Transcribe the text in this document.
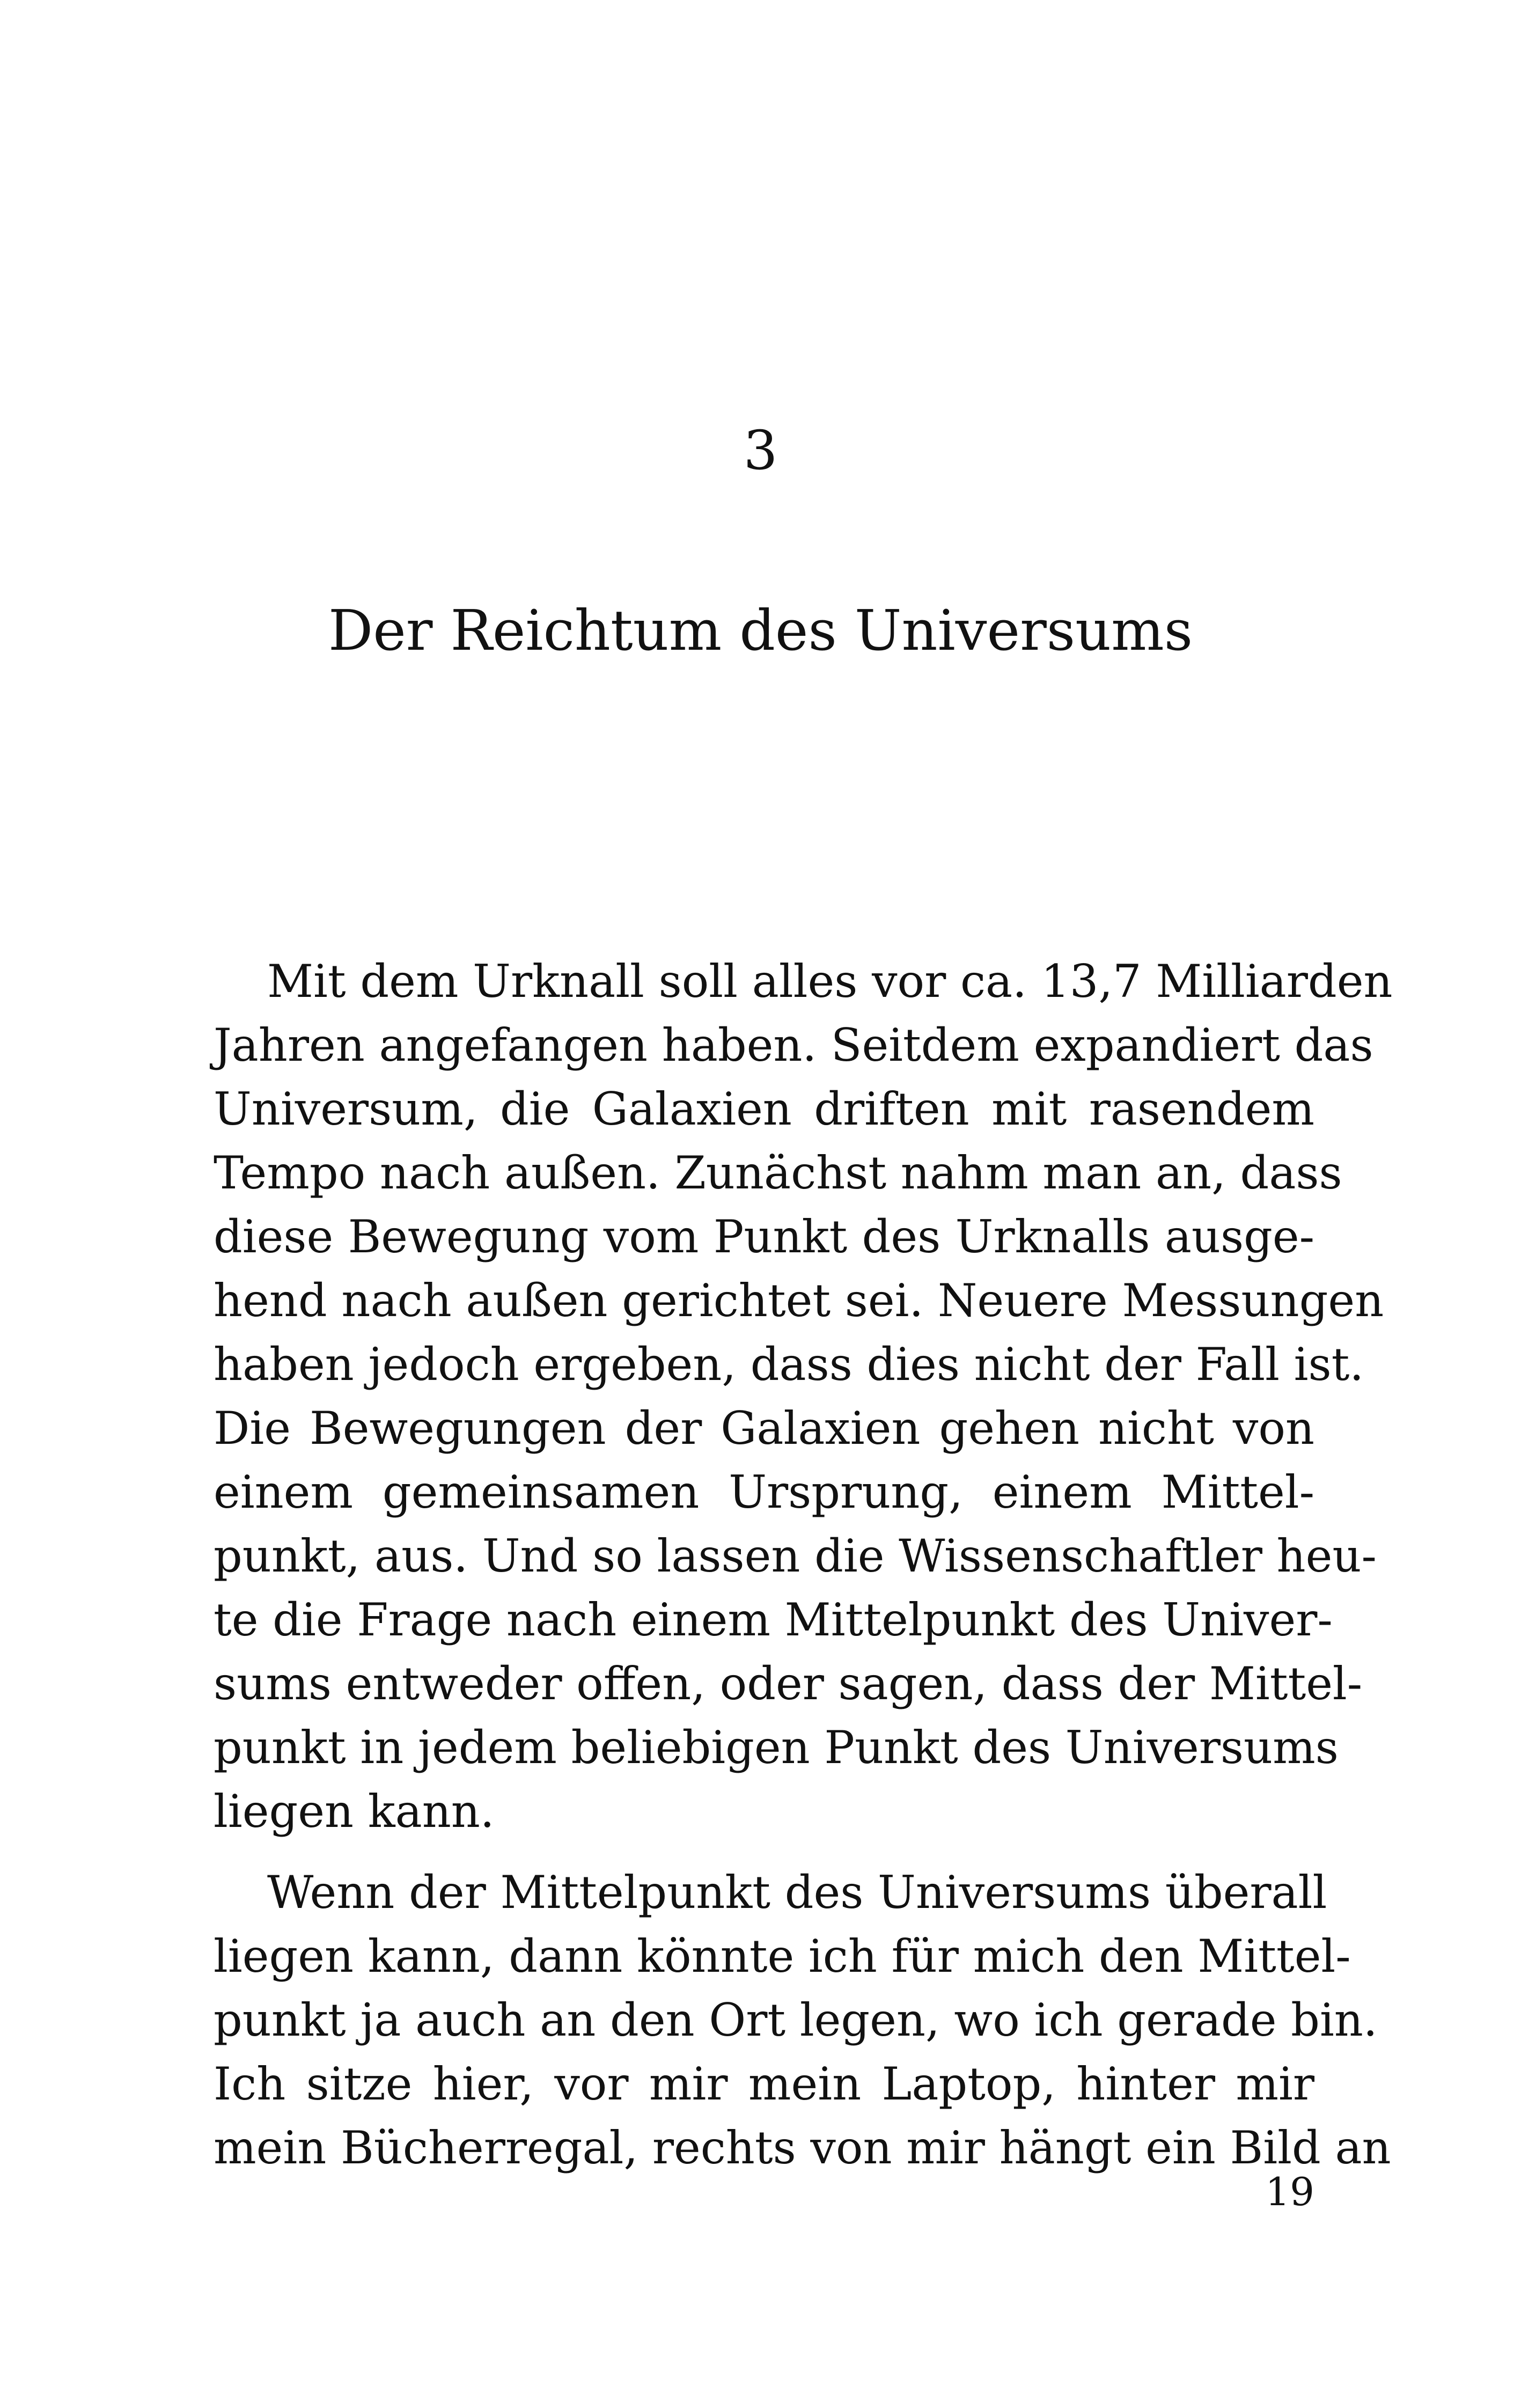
3
Der Reichtum des Universums

Mit dem Urknall soll alles vor ca. 13,7 Milliarden
Jahren angefangen haben. Seitdem expandiert das
Universum, die Galaxien driften mit rasendem
Tempo nach außen. Zunächst nahm man an, dass
diese Bewegung vom Punkt des Urknalls ausge-
hend nach außen gerichtet sei. Neuere Messungen
haben jedoch ergeben, dass dies nicht der Fall ist.
Die Bewegungen der Galaxien gehen nicht von
einem gemeinsamen Ursprung, einem Mittel-
punkt, aus. Und so lassen die Wissenschaftler heu-
te die Frage nach einem Mittelpunkt des Univer-
sums entweder offen, oder sagen, dass der Mittel-
punkt in jedem beliebigen Punkt des Universums
liegen kann.

Wenn der Mittelpunkt des Universums überall
liegen kann, dann könnte ich für mich den Mittel-
punkt ja auch an den Ort legen, wo ich gerade bin.
Ich sitze hier, vor mir mein Laptop, hinter mir
mein Bücherregal, rechts von mir hängt ein Bild an

19
